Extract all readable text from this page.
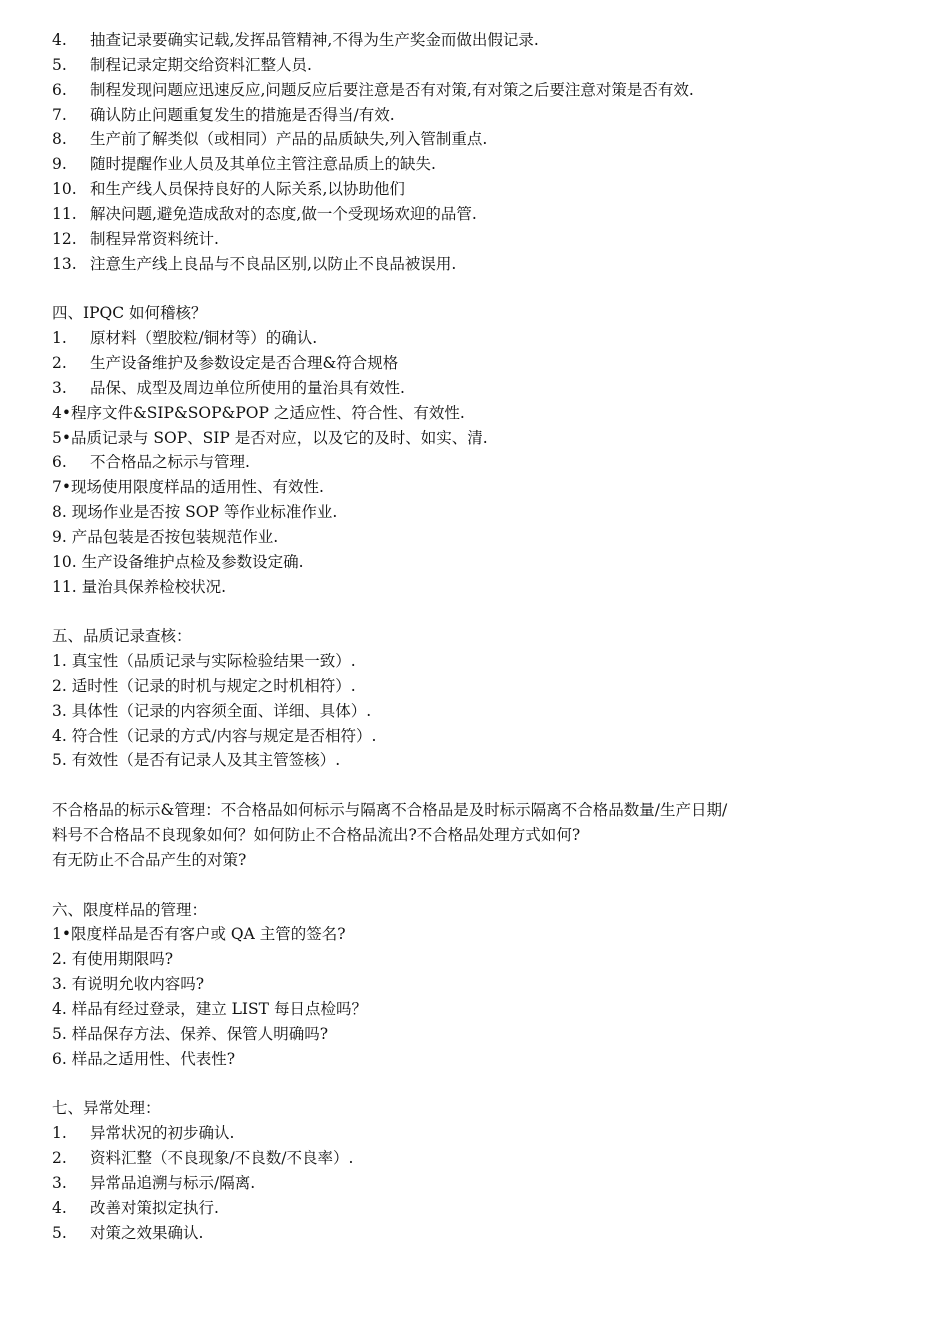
4. 抽查记录要确实记载,发挥品管精神,不得为生产奖金而做出假记录.
5. 制程记录定期交给资料汇整人员.
6. 制程发现问题应迅速反应,问题反应后要注意是否有对策,有对策之后要注意对策是否有效.
7. 确认防止问题重复发生的措施是否得当/有效.
8. 生产前了解类似（或相同）产品的品质缺失,列入管制重点.
9. 随时提醒作业人员及其单位主管注意品质上的缺失.
10. 和生产线人员保持良好的人际关系,以协助他们
11. 解决问题,避免造成敌对的态度,做一个受现场欢迎的品管.
12. 制程异常资料统计.
13. 注意生产线上良品与不良品区别,以防止不良品被误用.
四、IPQC 如何稽核？
1. 原材料（塑胶粒/铜材等）的确认.
2. 生产设备维护及参数设定是否合理&符合规格
3. 品保、成型及周边单位所使用的量治具有效性.
4•程序文件&SIP&SOP&POP 之适应性、符合性、有效性.
5•品质记录与 SOP、SIP 是否对应，以及它的及时、如实、清.
6. 不合格品之标示与管理.
7•现场使用限度样品的适用性、有效性.
8. 现场作业是否按 SOP 等作业标准作业.
9. 产品包装是否按包装规范作业.
10. 生产设备维护点检及参数设定确.
11. 量治具保养检校状况.
五、品质记录查核：
1. 真宝性（品质记录与实际检验结果一致）.
2. 适时性（记录的时机与规定之时机相符）.
3. 具体性（记录的内容须全面、详细、具体）.
4. 符合性（记录的方式/内容与规定是否相符）.
5. 有效性（是否有记录人及其主管签核）.
不合格品的标示&管理：不合格品如何标示与隔离不合格品是及时标示隔离不合格品数量/生产日期/
料号不合格品不良现象如何？如何防止不合格品流出?不合格品处理方式如何?
有无防止不合品产生的对策?
六、限度样品的管理：
1•限度样品是否有客户或 QA 主管的签名?
2. 有使用期限吗?
3. 有说明允收内容吗?
4. 样品有经过登录，建立 LIST 每日点检吗？
5. 样品保存方法、保养、保管人明确吗?
6. 样品之适用性、代表性?
七、异常处理：
1. 异常状况的初步确认.
2. 资料汇整（不良现象/不良数/不良率）.
3. 异常品追溯与标示/隔离.
4. 改善对策拟定执行.
5. 对策之效果确认.
